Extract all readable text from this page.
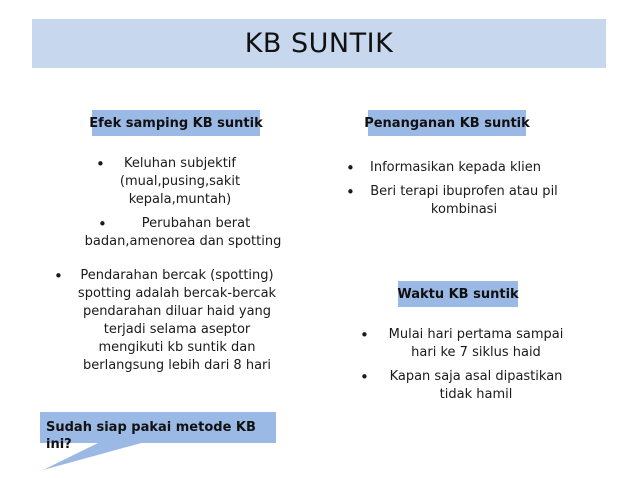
KB SUNTIK
Efek samping KB suntik	Penanganan KB suntik
Waktu KB suntik
•	Keluhan subjektif
(mual,pusing,sakit
kepala,muntah)
•	Perubahan berat
badan,amenorea dan spotting
•	Pendarahan bercak (spotting)
spotting adalah bercak-bercak
pendarahan diluar haid yang
terjadi selama aseptor
mengikuti kb suntik dan
berlangsung lebih dari 8 hari
• Informasikan kepada klien
•	Beri terapi ibuprofen atau pil
kombinasi
•	Mulai hari pertama sampai
hari ke 7 siklus haid
•	Kapan saja asal dipastikan
tidak hamil
Sudah siap pakai metode KB
ini?
